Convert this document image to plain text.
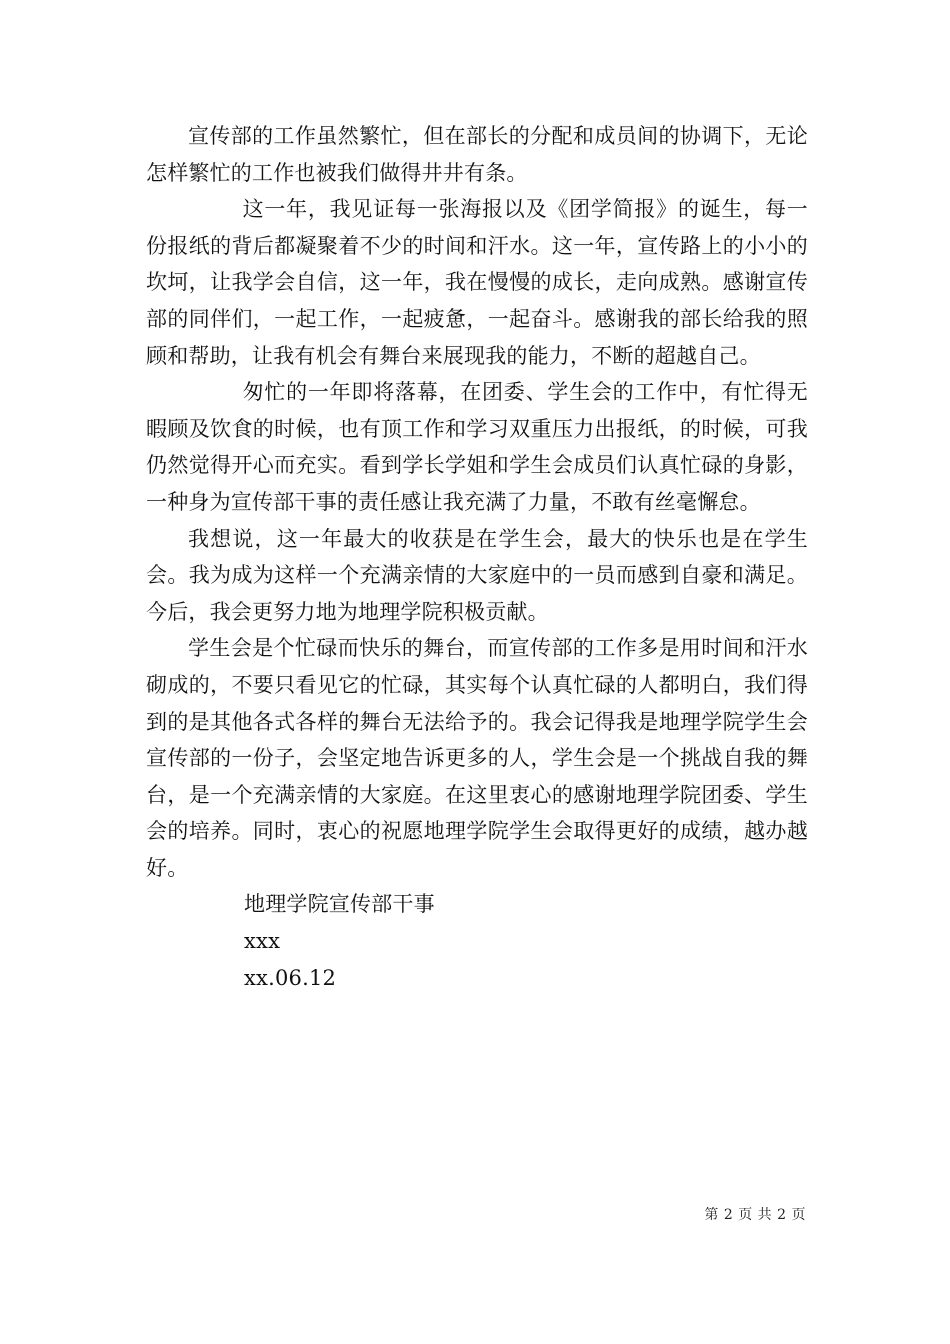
宣传部的工作虽然繁忙，但在部长的分配和成员间的协调下，无论怎样繁忙的工作也被我们做得井井有条。

这一年，我见证每一张海报以及《团学简报》的诞生，每一份报纸的背后都凝聚着不少的时间和汗水。这一年，宣传路上的小小的坎坷，让我学会自信，这一年，我在慢慢的成长，走向成熟。感谢宣传部的同伴们，一起工作，一起疲惫，一起奋斗。感谢我的部长给我的照顾和帮助，让我有机会有舞台来展现我的能力，不断的超越自己。

匆忙的一年即将落幕，在团委、学生会的工作中，有忙得无暇顾及饮食的时候，也有顶工作和学习双重压力出报纸，的时候，可我仍然觉得开心而充实。看到学长学姐和学生会成员们认真忙碌的身影，一种身为宣传部干事的责任感让我充满了力量，不敢有丝毫懈怠。

我想说，这一年最大的收获是在学生会，最大的快乐也是在学生会。我为成为这样一个充满亲情的大家庭中的一员而感到自豪和满足。今后，我会更努力地为地理学院积极贡献。

学生会是个忙碌而快乐的舞台，而宣传部的工作多是用时间和汗水砌成的，不要只看见它的忙碌，其实每个认真忙碌的人都明白，我们得到的是其他各式各样的舞台无法给予的。我会记得我是地理学院学生会宣传部的一份子，会坚定地告诉更多的人，学生会是一个挑战自我的舞台，是一个充满亲情的大家庭。在这里衷心的感谢地理学院团委、学生会的培养。同时，衷心的祝愿地理学院学生会取得更好的成绩，越办越好。

地理学院宣传部干事

xxx

xx.06.12

第 2 页 共 2 页
